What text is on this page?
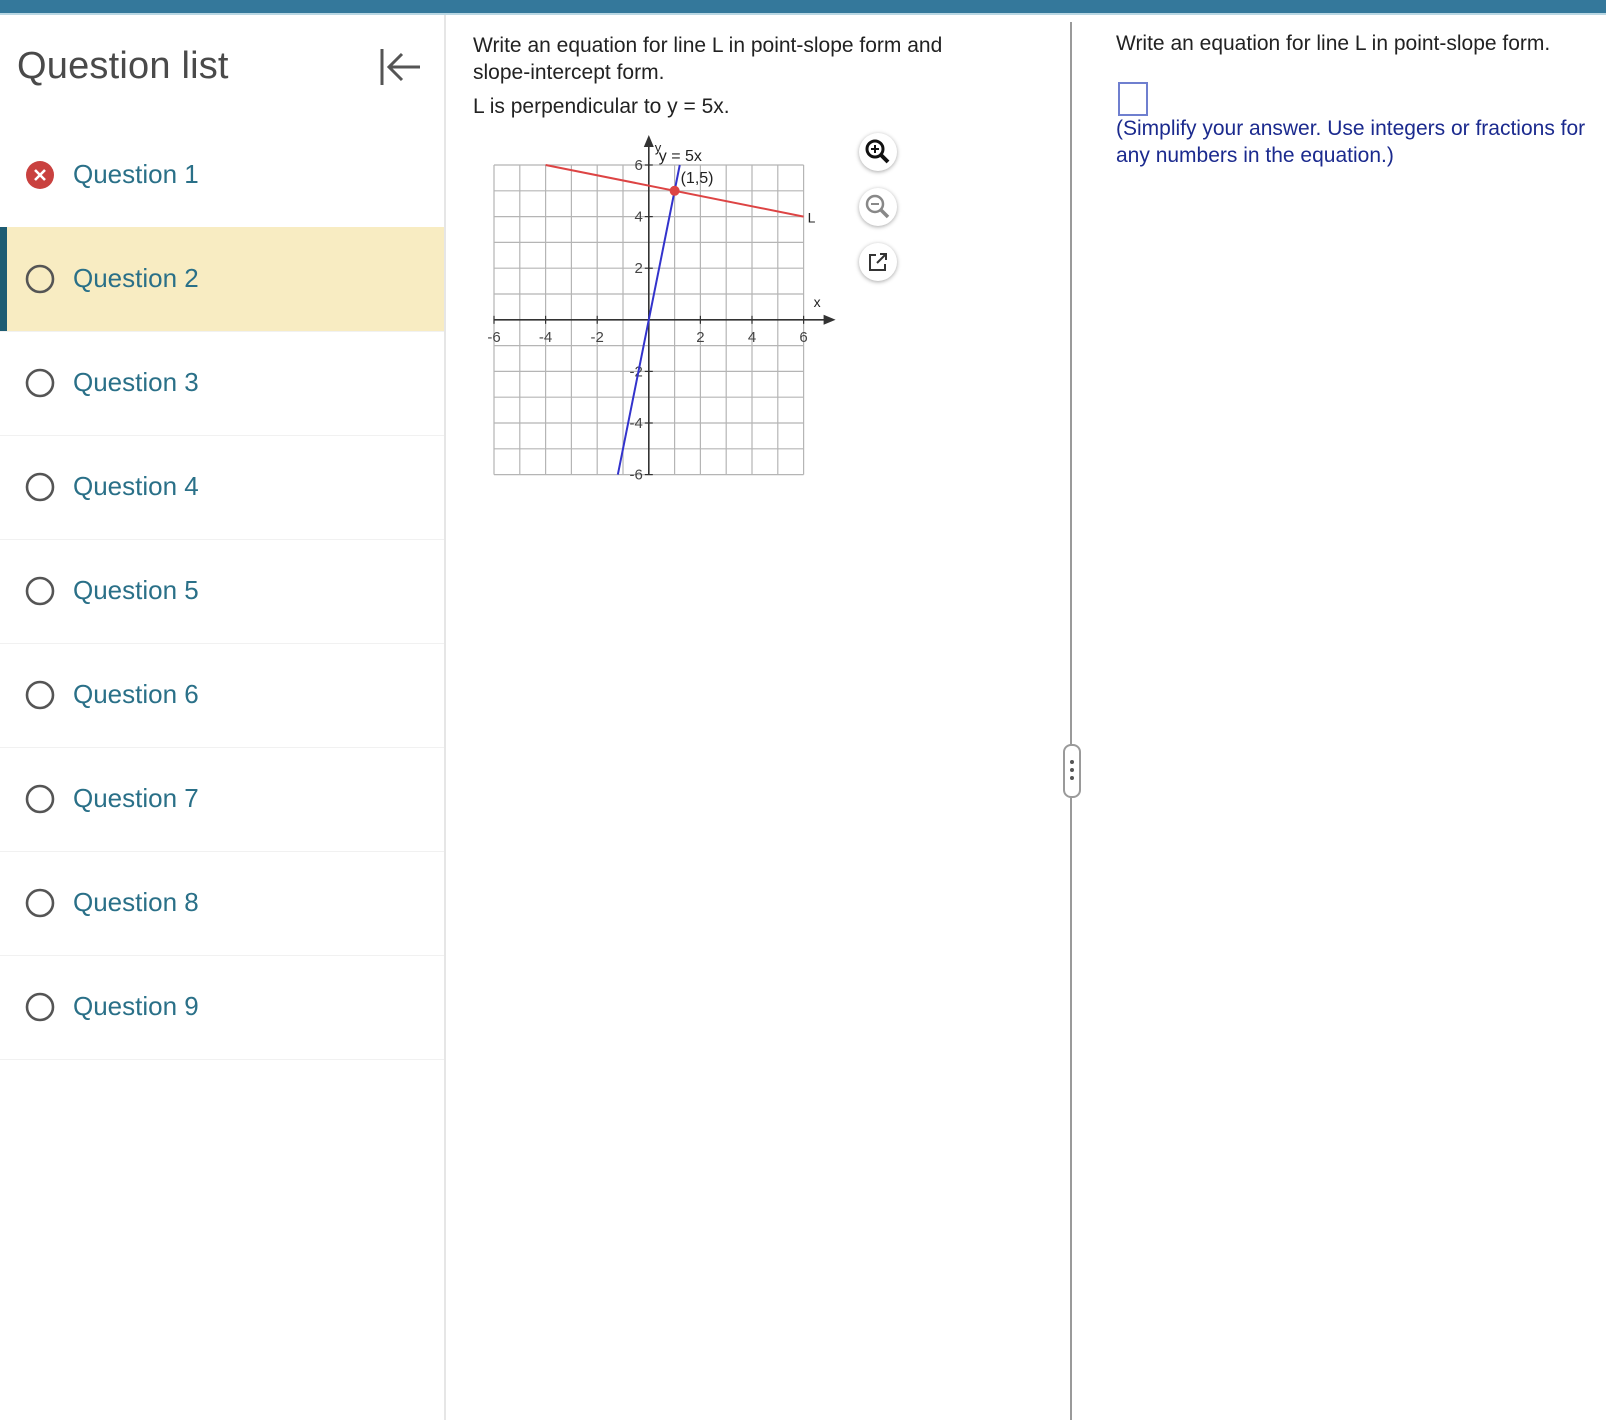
Question list
Question 1
Question 2
Question 3
Question 4
Question 5
Question 6
Question 7
Question 8
Question 9
Write an equation for line L in point-slope form and slope-intercept form.
L is perpendicular to y = 5x.
-6	-4	-2	2	4	6
6
4
2
-2
-4
-6
y = 5x
L
(1,5)
x
y
Write an equation for line L in point-slope form.
(Simplify your answer. Use integers or fractions for any numbers in the equation.)
